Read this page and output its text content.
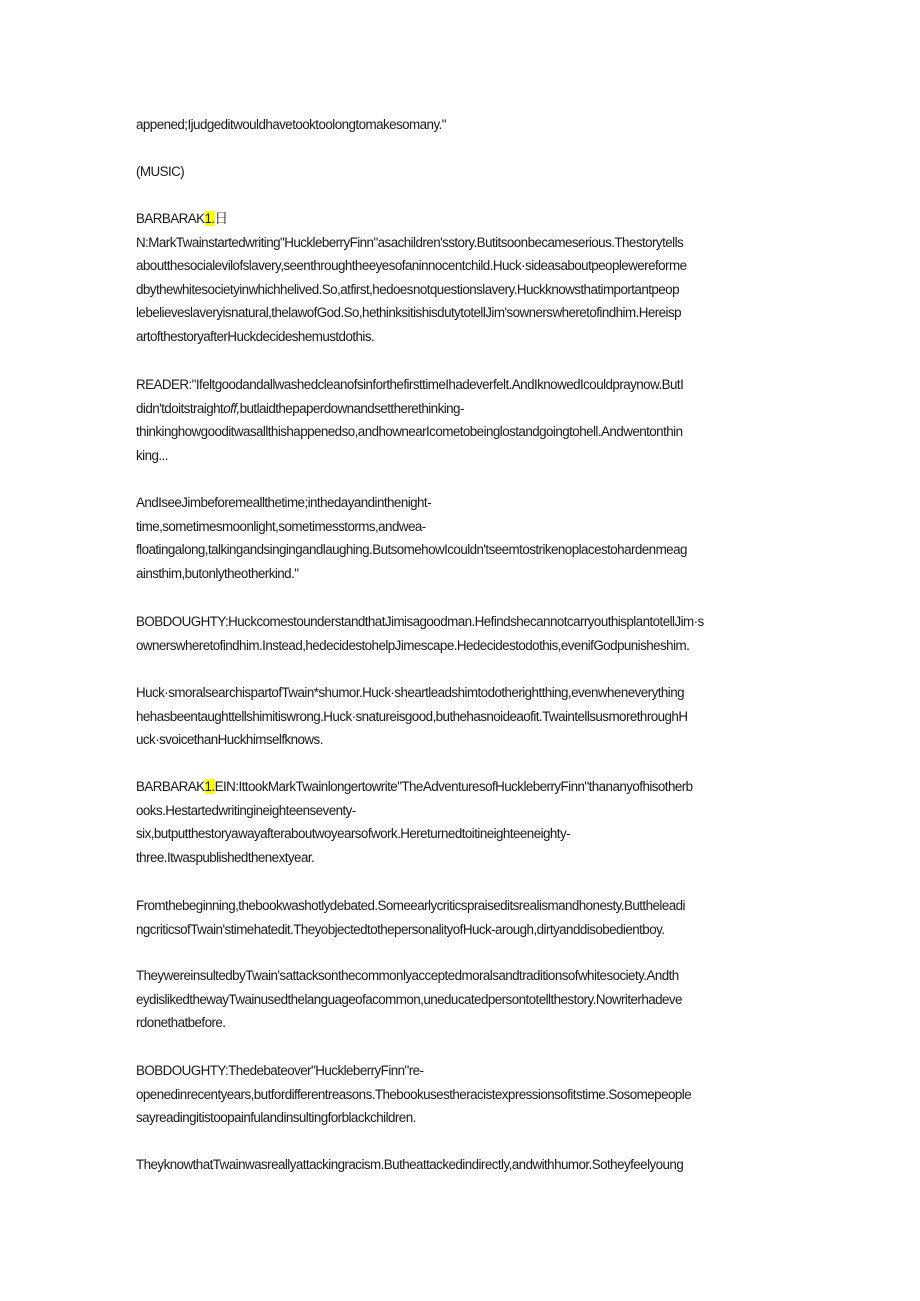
appened;Ijudgeditwouldhavetooktoolongtomakesomany."
(MUSIC)
BARBARAK1.日
N:MarkTwainstartedwriting"HuckleberryFinn"asachildren'sstory.Butitsoonbecameserious.Thestorytells
aboutthesocialevilofslavery,seenthroughtheeyesofaninnocentchild.Huck·sideasaboutpeoplewereforme
dbythewhitesocietyinwhichhelived.So,atfirst,hedoesnotquestionslavery.Huckknowsthatimportantpeop
lebelieveslaveryisnatural,thelawofGod.So,hethinksitishisdutytotellJim'sownerswheretofindhim.Hereisp
artofthestoryafterHuckdecideshemustdothis.
READER:"IfeltgoodandallwashedcleanofsinforthefirsttimeIhadeverfelt.AndIknowedIcouldpraynow.ButI
didn'tdoitstraightoff,butlaidthepaperdownandsettherethinking-
thinkinghowgooditwasallthishappenedso,andhownearIcometobeinglostandgoingtohell.Andwentonthin
king...
AndIseeJimbeforemeallthetime;inthedayandinthenight-
time,sometimesmoonlight,sometimesstorms,andwea-
floatingalong,talkingandsingingandlaughing.ButsomehowIcouldn'tseemtostrikenoplacestohardenmeag
ainsthim,butonlytheotherkind."
BOBDOUGHTY:HuckcomestounderstandthatJimisagoodman.HefindshecannotcarryouthisplantotellJim·s
ownerswheretofindhim.Instead,hedecidestohelpJimescape.Hedecidestodothis,evenifGodpunisheshim.
Huck·smoralsearchispartofTwain*shumor.Huck·sheartleadshimtodotherightthing,evenwheneverything
hehasbeentaughttellshimitiswrong.Huck·snatureisgood,buthehasnoideaofit.TwaintellsusmorethroughH
uck·svoicethanHuckhimselfknows.
BARBARAK1.EIN:IttookMarkTwainlongertowrite"TheAdventuresofHuckleberryFinn"thananyofhisotherb
ooks.Hestartedwritingineighteenseventy-
six,butputthestoryawayafteraboutwoyearsofwork.Hereturnedtoitineighteeneighty-
three.Itwaspublishedthenextyear.
Fromthebeginning,thebookwashotlydebated.Someearlycriticspraiseditsrealismandhonesty.Buttheleadi
ngcriticsofTwain'stimehatedit.TheyobjectedtothepersonalityofHuck-arough,dirtyanddisobedientboy.
TheywereinsultedbyTwain'sattacksonthecommonlyacceptedmoralsandtraditionsofwhitesociety.Andth
eydislikedthewayTwainusedthelanguageofacommon,uneducatedpersontotellthestory.Nowriterhadeve
rdonethatbefore.
BOBDOUGHTY:Thedebateover"HuckleberryFinn"re-
openedinrecentyears,butfordifferentreasons.Thebookusestheracistexpressionsofitstime.Sosomepeople
sayreadingitistoopainfulandinsultingforblackchildren.
TheyknowthatTwainwasreallyattackingracism.Butheattackedindirectly,andwithhumor.Sotheyfeelyoung
